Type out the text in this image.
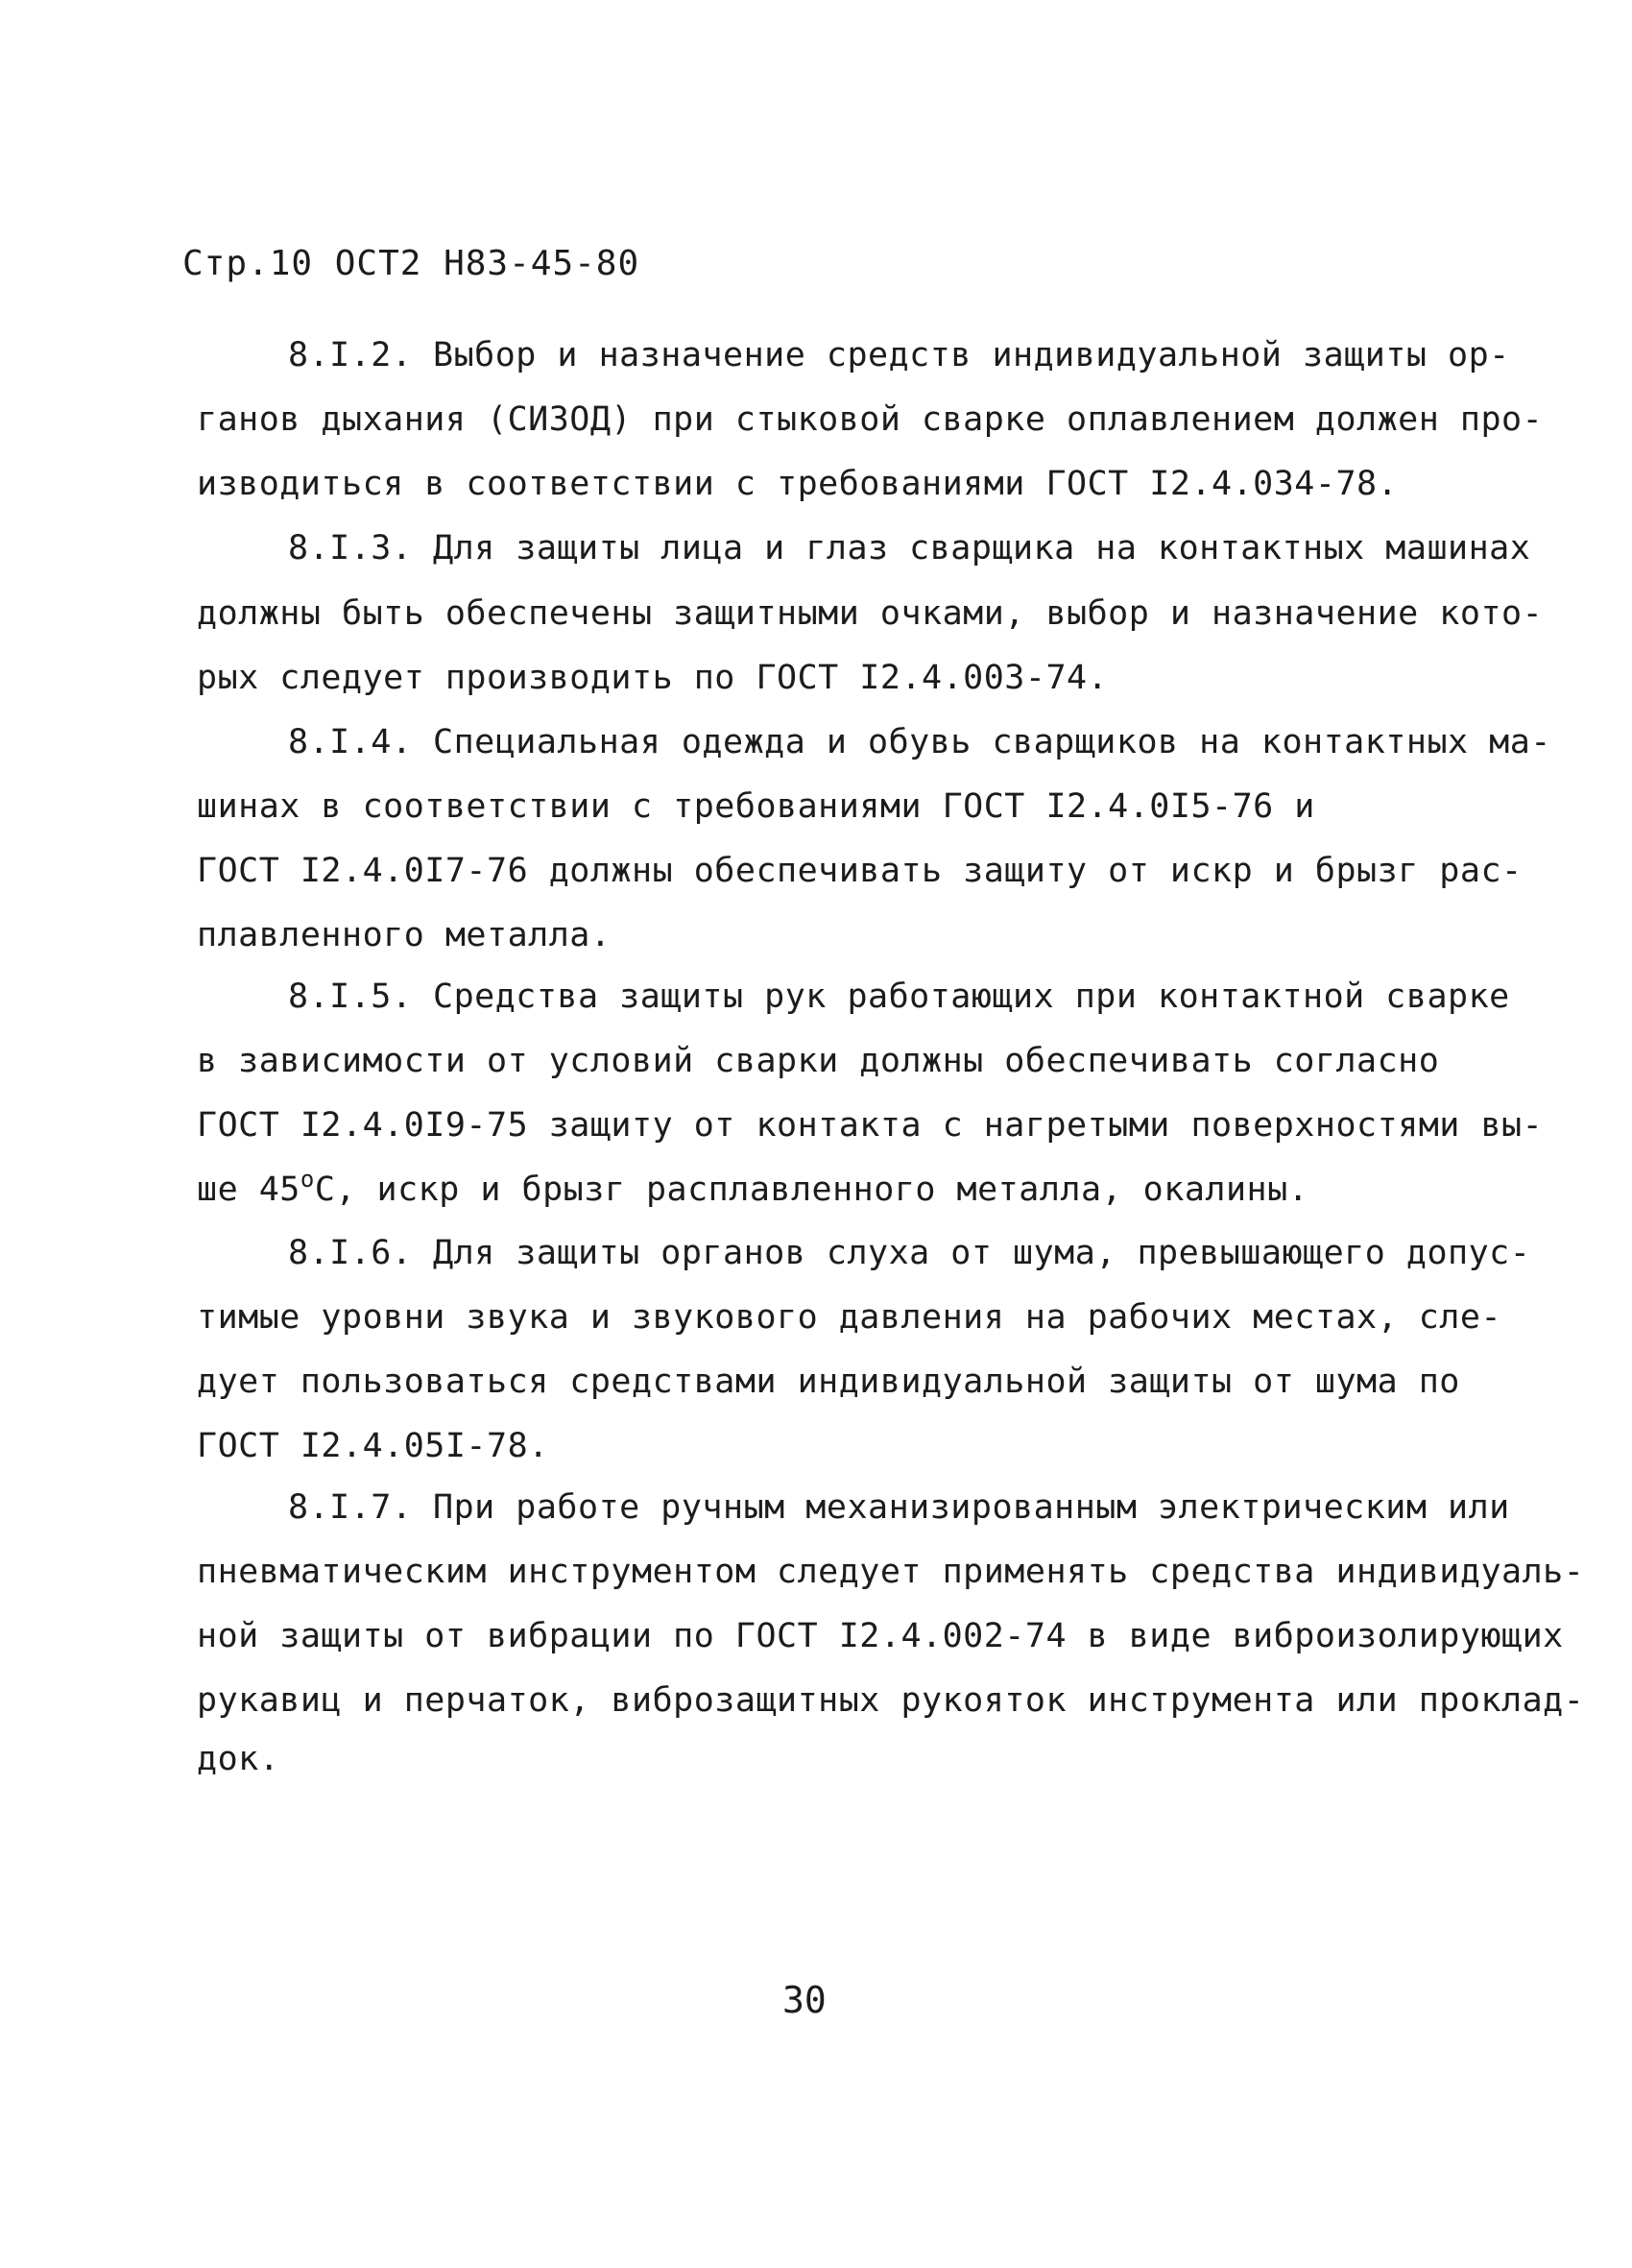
Стр.10 ОСТ2 Н83-45-80
8.I.2. Выбор и назначение средств индивидуальной защиты ор-
ганов дыхания (СИЗОД) при стыковой сварке оплавлением должен про-
изводиться в соответствии с требованиями ГОСТ I2.4.034-78.
8.I.3. Для защиты лица и глаз сварщика на контактных машинах
должны быть обеспечены защитными очками, выбор и назначение кото-
рых следует производить по ГОСТ I2.4.003-74.
8.I.4. Специальная одежда и обувь сварщиков на контактных ма-
шинах в соответствии с требованиями ГОСТ I2.4.0I5-76 и
ГОСТ I2.4.0I7-76 должны обеспечивать защиту от искр и брызг рас-
плавленного металла.
8.I.5. Средства защиты рук работающих при контактной сварке
в зависимости от условий сварки должны обеспечивать согласно
ГОСТ I2.4.0I9-75 защиту от контакта с нагретыми поверхностями вы-
ше $45^оС$, искр и брызг расплавленного металла, окалины.
8.I.6. Для защиты органов слуха от шума, превышающего допус-
тимые уровни звука и звукового давления на рабочих местах, сле-
дует пользоваться средствами индивидуальной защиты от шума по
ГОСТ I2.4.05I-78.
8.I.7. При работе ручным механизированным электрическим или
пневматическим инструментом следует применять средства индивидуаль-
ной защиты от вибрации по ГОСТ I2.4.002-74 в виде виброизолирующих
рукавиц и перчаток, виброзащитных рукояток инструмента или проклад-
док.
30
